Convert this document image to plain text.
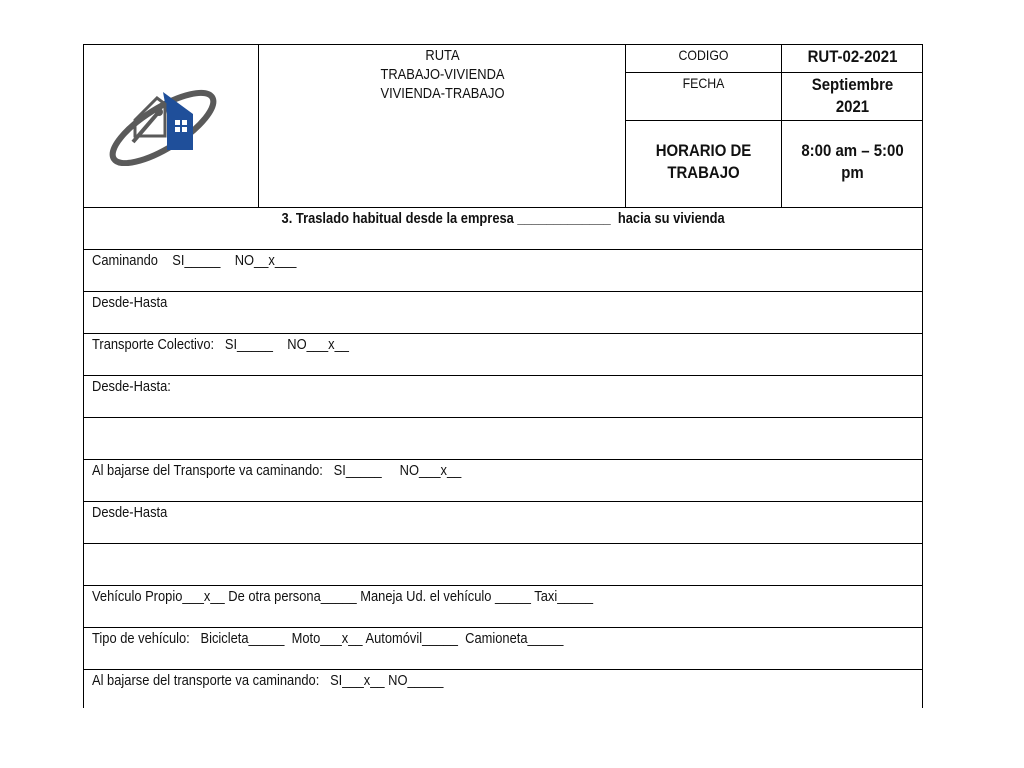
RUTA
TRABAJO-VIVIENDA
VIVIENDA-TRABAJO
CODIGO
FECHA
HORARIO DE
TRABAJO
RUT-02-2021
Septiembre
2021
8:00 am – 5:00
pm
3. Traslado habitual desde la empresa _____________  hacia su vivienda
Caminando    SI_____    NO__x___
Desde-Hasta
Transporte Colectivo:   SI_____    NO___x__
Desde-Hasta:
Al bajarse del Transporte va caminando:   SI_____     NO___x__
Desde-Hasta
Vehículo Propio___x__ De otra persona_____ Maneja Ud. el vehículo _____ Taxi_____
Tipo de vehículo:   Bicicleta_____  Moto___x__ Automóvil_____  Camioneta_____
Al bajarse del transporte va caminando:   SI___x__ NO_____
